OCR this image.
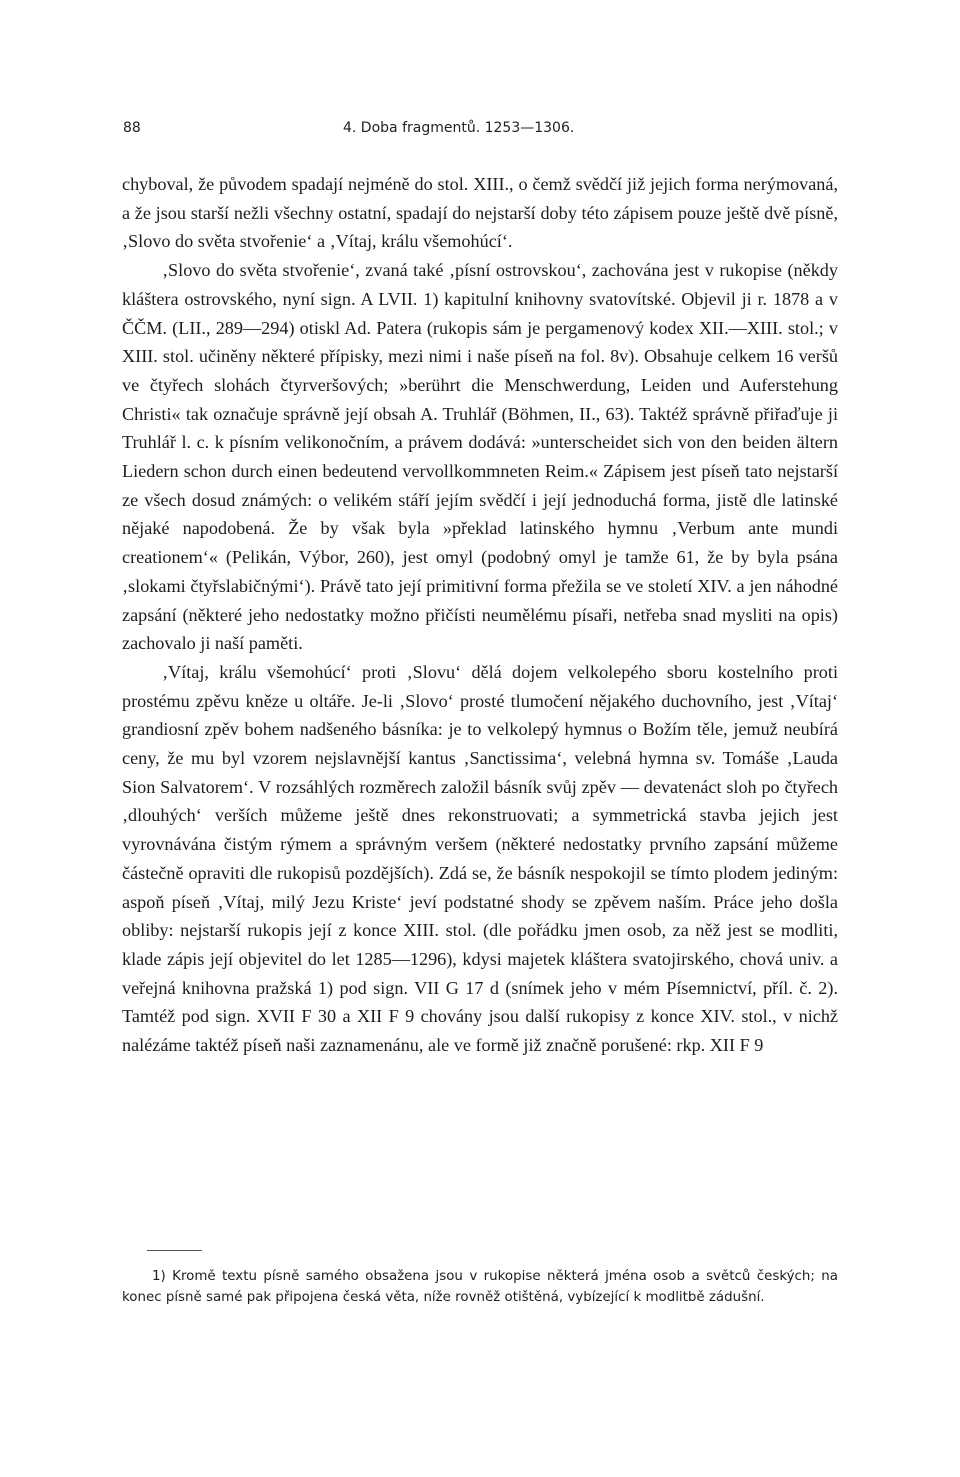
88	4. Doba fragmentů. 1253—1306.

chyboval, že původem spadají nejméně do stol. XIII., o čemž svědčí již jejich forma nerýmovaná, a že jsou starší nežli všechny ostatní, spadají do nejstarší doby této zápisem pouze ještě dvě písně, ‚Slovo do světa stvořenie‘ a ‚Vítaj, králu všemohúcí‘.

‚Slovo do světa stvořenie‘, zvaná také ‚písní ostrovskou‘, zachována jest v rukopise (někdy kláštera ostrovského, nyní sign. A LVII. 1) kapitulní knihovny svatovítské. Objevil ji r. 1878 a v ČČM. (LII., 289—294) otiskl Ad. Patera (rukopis sám je pergamenový kodex XII.—XIII. stol.; v XIII. stol. učiněny některé přípisky, mezi nimi i naše píseň na fol. 8v). Obsahuje celkem 16 veršů ve čtyřech slohách čtyrveršových; »berührt die Menschwerdung, Leiden und Auferstehung Christi« tak označuje správně její obsah A. Truhlář (Böhmen, II., 63). Taktéž správně přiřaďuje ji Truhlář l. c. k písním velikonočním, a právem dodává: »unterscheidet sich von den beiden ältern Liedern schon durch einen bedeutend vervollkommneten Reim.« Zápisem jest píseň tato nejstarší ze všech dosud známých: o velikém stáří jejím svědčí i její jednoduchá forma, jistě dle latinské nějaké napodobená. Že by však byla »překlad latinského hymnu ‚Verbum ante mundi creationem‘« (Pelikán, Výbor, 260), jest omyl (podobný omyl je tamže 61, že by byla psána ‚slokami čtyřslabičnými‘). Právě tato její primitivní forma přežila se ve století XIV. a jen náhodné zapsání (některé jeho nedostatky možno přičísti neumělému písaři, netřeba snad mysliti na opis) zachovalo ji naší paměti.

‚Vítaj, králu všemohúcí‘ proti ‚Slovu‘ dělá dojem velkolepého sboru kostelního proti prostému zpěvu kněze u oltáře. Je-li ‚Slovo‘ prosté tlumočení nějakého duchovního, jest ‚Vítaj‘ grandiosní zpěv bohem nadšeného básníka: je to velkolepý hymnus o Božím těle, jemuž neubírá ceny, že mu byl vzorem nejslavnější kantus ‚Sanctissima‘, velebná hymna sv. Tomáše ‚Lauda Sion Salvatorem‘. V rozsáhlých rozměrech založil básník svůj zpěv — devatenáct sloh po čtyřech ‚dlouhých‘ verších můžeme ještě dnes rekonstruovati; a symmetrická stavba jejich jest vyrovnávána čistým rýmem a správným veršem (některé nedostatky prvního zapsání můžeme částečně opraviti dle rukopisů pozdějších). Zdá se, že básník nespokojil se tímto plodem jediným: aspoň píseň ‚Vítaj, milý Jezu Kriste‘ jeví podstatné shody se zpěvem naším. Práce jeho došla obliby: nejstarší rukopis její z konce XIII. stol. (dle pořádku jmen osob, za něž jest se modliti, klade zápis její objevitel do let 1285—1296), kdysi majetek kláštera svatojirského, chová univ. a veřejná knihovna pražská 1) pod sign. VII G 17 d (snímek jeho v mém Písemnictví, příl. č. 2). Tamtéž pod sign. XVII F 30 a XII F 9 chovány jsou další rukopisy z konce XIV. stol., v nichž nalézáme taktéž píseň naši zaznamenánu, ale ve formě již značně porušené: rkp. XII F 9

1) Kromě textu písně samého obsažena jsou v rukopise některá jména osob a světců českých; na konec písně samé pak připojena česká věta, níže rovněž otištěná, vybízející k modlitbě zádušní.
